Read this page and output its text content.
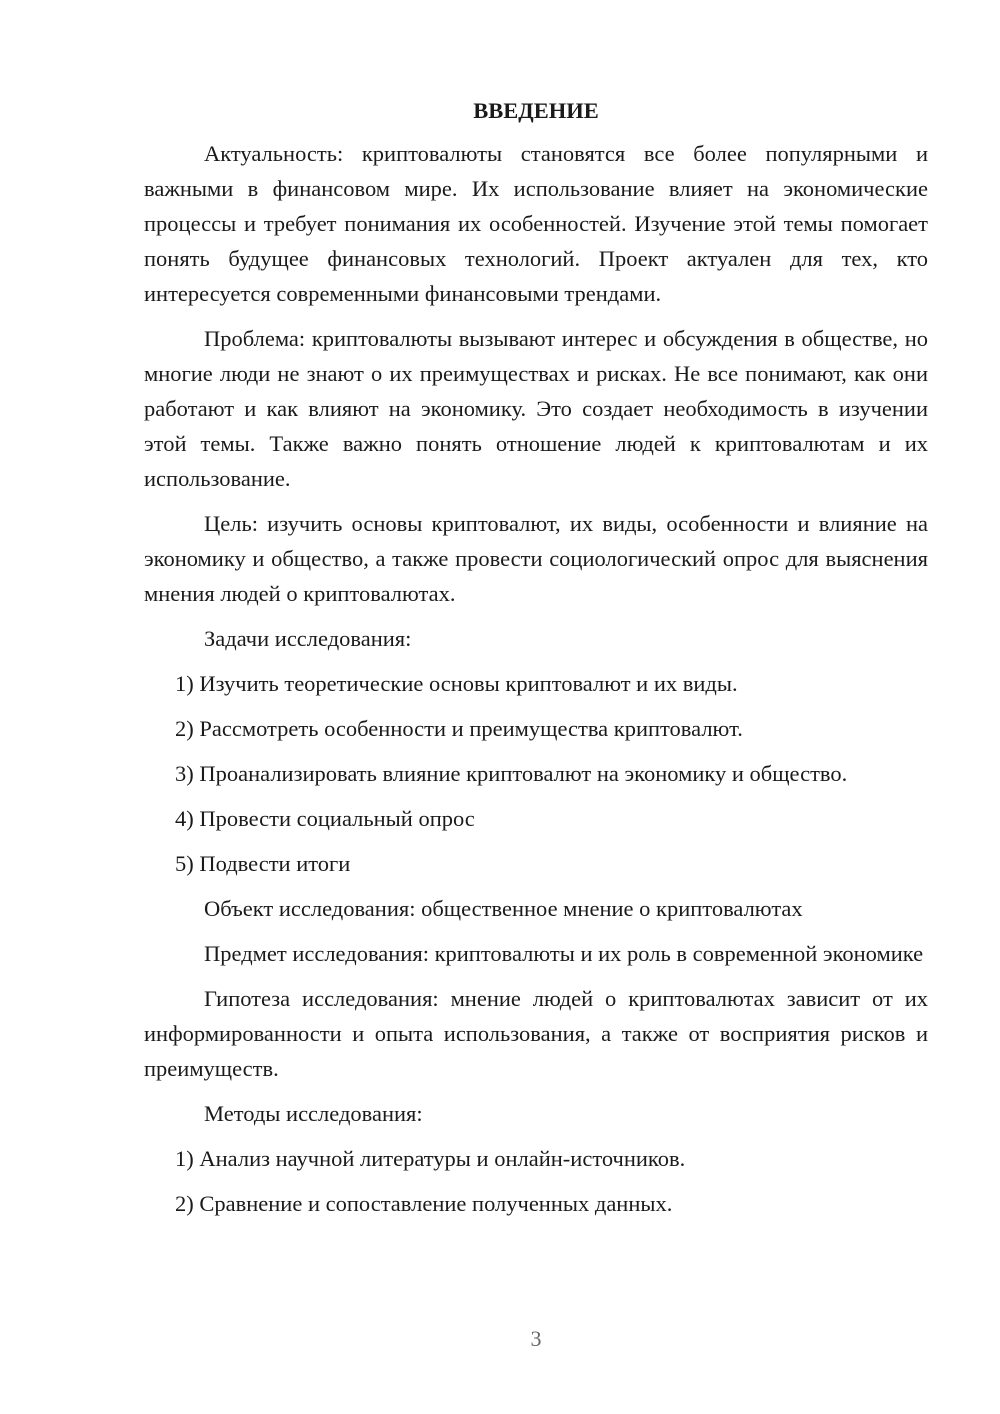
ВВЕДЕНИЕ

Актуальность: криптовалюты становятся все более популярными и важными в финансовом мире. Их использование влияет на экономические процессы и требует понимания их особенностей. Изучение этой темы помогает понять будущее финансовых технологий. Проект актуален для тех, кто интересуется современными финансовыми трендами.

Проблема: криптовалюты вызывают интерес и обсуждения в обществе, но многие люди не знают о их преимуществах и рисках. Не все понимают, как они работают и как влияют на экономику. Это создает необходимость в изучении этой темы. Также важно понять отношение людей к криптовалютам и их использование.

Цель: изучить основы криптовалют, их виды, особенности и влияние на экономику и общество, а также провести социологический опрос для выяснения мнения людей о криптовалютах.

Задачи исследования:
1) Изучить теоретические основы криптовалют и их виды.
2) Рассмотреть особенности и преимущества криптовалют.
3) Проанализировать влияние криптовалют на экономику и общество.
4) Провести социальный опрос
5) Подвести итоги
Объект исследования: общественное мнение о криптовалютах

Предмет исследования: криптовалюты и их роль в современной экономике

Гипотеза исследования: мнение людей о криптовалютах зависит от их информированности и опыта использования, а также от восприятия рисков и преимуществ.

Методы исследования:
1) Анализ научной литературы и онлайн-источников.
2) Сравнение и сопоставление полученных данных.
3
